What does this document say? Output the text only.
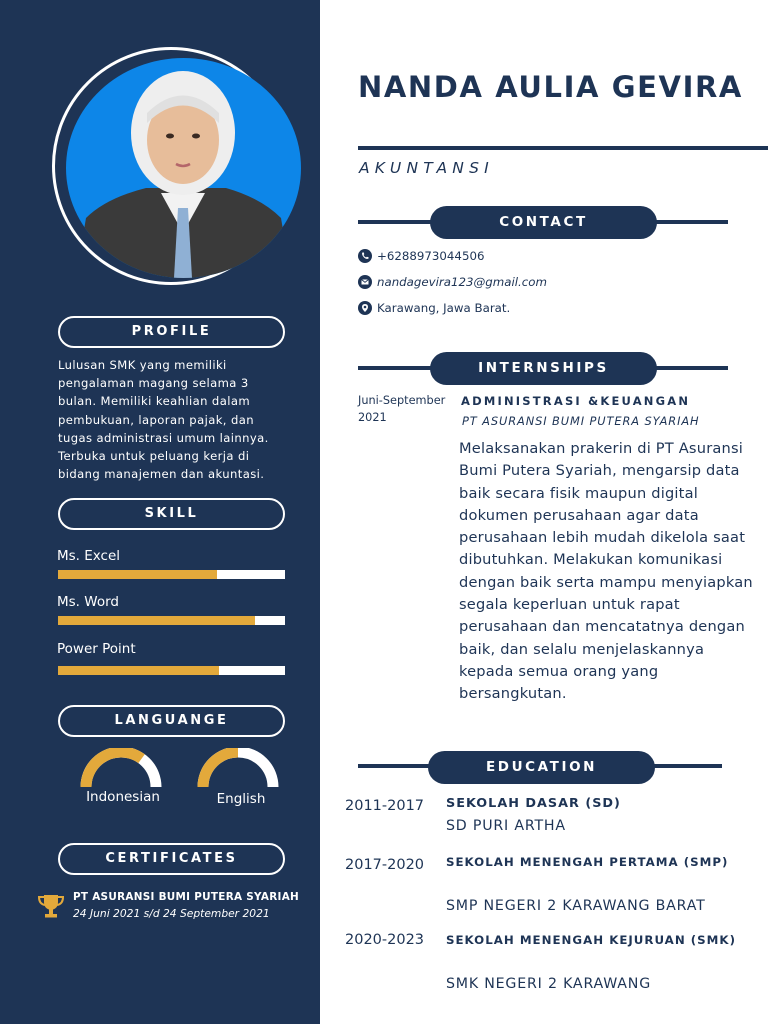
PROFILE
Lulusan SMK yang memiliki pengalaman magang selama 3 bulan. Memiliki keahlian dalam pembukuan, laporan pajak, dan tugas administrasi umum lainnya. Terbuka untuk peluang kerja di bidang manajemen dan akuntasi.
SKILL
Ms. Excel
Ms. Word
Power Point
LANGUANGE
Indonesian	English
CERTIFICATES
PT ASURANSI BUMI PUTERA SYARIAH
24 Juni 2021 s/d 24 September 2021
NANDA AULIA GEVIRA
AKUNTANSI
CONTACT
+6288973044506
nandagevira123@gmail.com
Karawang, Jawa Barat.
INTERNSHIPS
Juni-September 2021
ADMINISTRASI &KEUANGAN
PT ASURANSI BUMI PUTERA SYARIAH
Melaksanakan prakerin di PT Asuransi Bumi Putera Syariah, mengarsip data baik secara fisik maupun digital dokumen perusahaan agar data perusahaan lebih mudah dikelola saat dibutuhkan. Melakukan komunikasi dengan baik serta mampu menyiapkan segala keperluan untuk rapat perusahaan dan mencatatnya dengan baik, dan selalu menjelaskannya kepada semua orang yang bersangkutan.
EDUCATION
2011-2017 SEKOLAH DASAR (SD)
SD PURI ARTHA
2017-2020 SEKOLAH MENENGAH PERTAMA (SMP)
SMP NEGERI 2 KARAWANG BARAT
2020-2023 SEKOLAH MENENGAH KEJURUAN (SMK)
SMK NEGERI 2 KARAWANG
